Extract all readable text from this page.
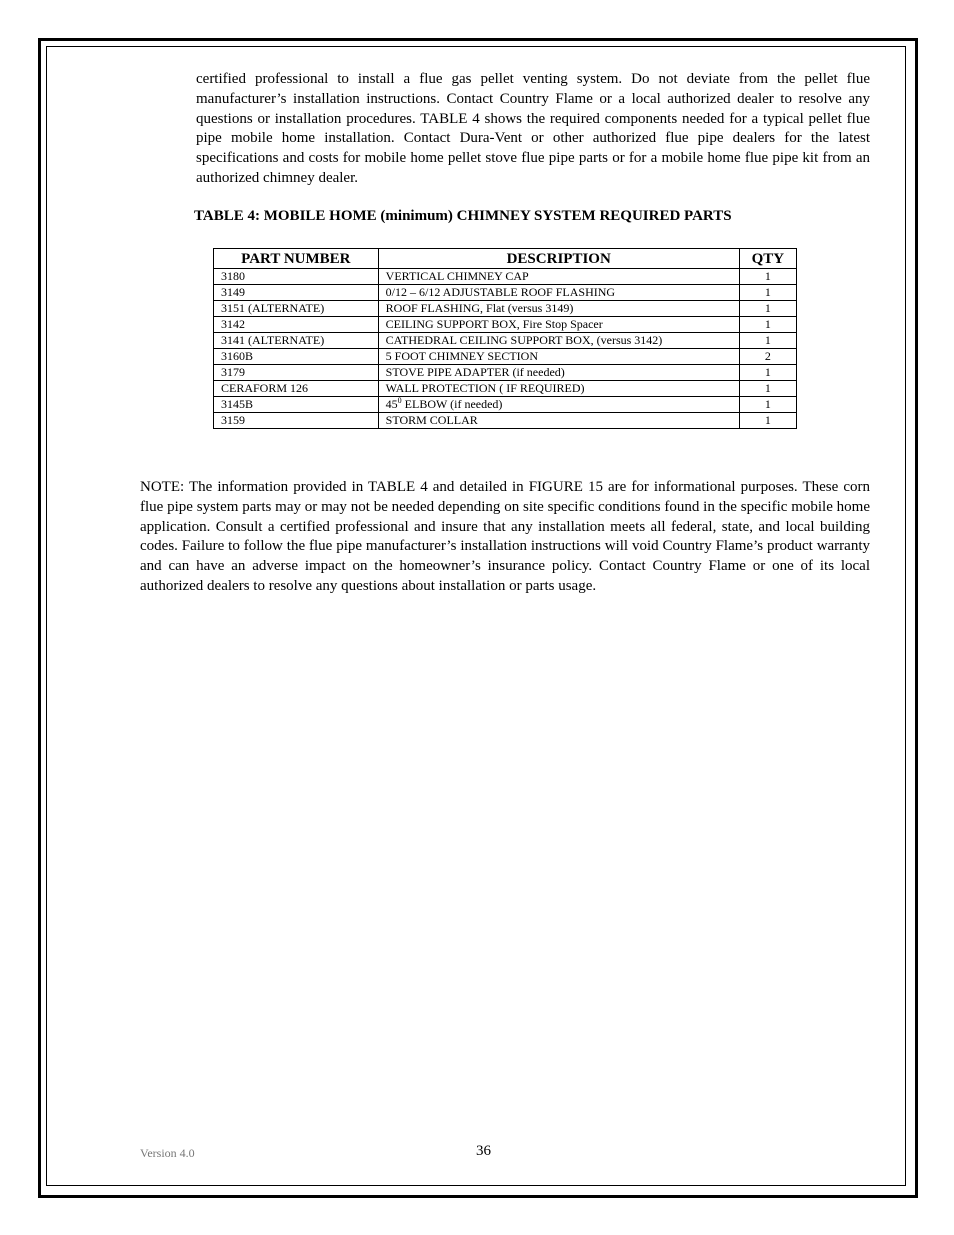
certified professional to install a flue gas pellet venting system. Do not deviate from the pellet flue manufacturer’s installation instructions. Contact Country Flame or a local authorized dealer to resolve any questions or installation procedures. TABLE 4 shows the required components needed for a typical pellet flue pipe mobile home installation. Contact Dura-Vent or other authorized flue pipe dealers for the latest specifications and costs for mobile home pellet stove flue pipe parts or for a mobile home flue pipe kit from an authorized chimney dealer.

TABLE 4: MOBILE HOME (minimum) CHIMNEY SYSTEM REQUIRED PARTS
PART NUMBER	DESCRIPTION	QTY
3180	VERTICAL CHIMNEY CAP	1
3149	0/12 – 6/12 ADJUSTABLE ROOF FLASHING	1
3151 (ALTERNATE)	ROOF FLASHING, Flat (versus 3149)	1
3142	CEILING SUPPORT BOX, Fire Stop Spacer	1
3141 (ALTERNATE)	CATHEDRAL CEILING SUPPORT BOX, (versus 3142)	1
3160B	5 FOOT CHIMNEY SECTION	2
3179	STOVE PIPE ADAPTER (if needed)	1
CERAFORM 126	WALL PROTECTION ( IF REQUIRED)	1
3145B	$45^0$ ELBOW (if needed)	1
3159	STORM COLLAR	1

NOTE: The information provided in TABLE 4 and detailed in FIGURE 15 are for informational purposes. These corn flue pipe system parts may or may not be needed depending on site specific conditions found in the specific mobile home application. Consult a certified professional and insure that any installation meets all federal, state, and local building codes. Failure to follow the flue pipe manufacturer’s installation instructions will void Country Flame’s product warranty and can have an adverse impact on the homeowner’s insurance policy. Contact Country Flame or one of its local authorized dealers to resolve any questions about installation or parts usage.

Version 4.0	36
